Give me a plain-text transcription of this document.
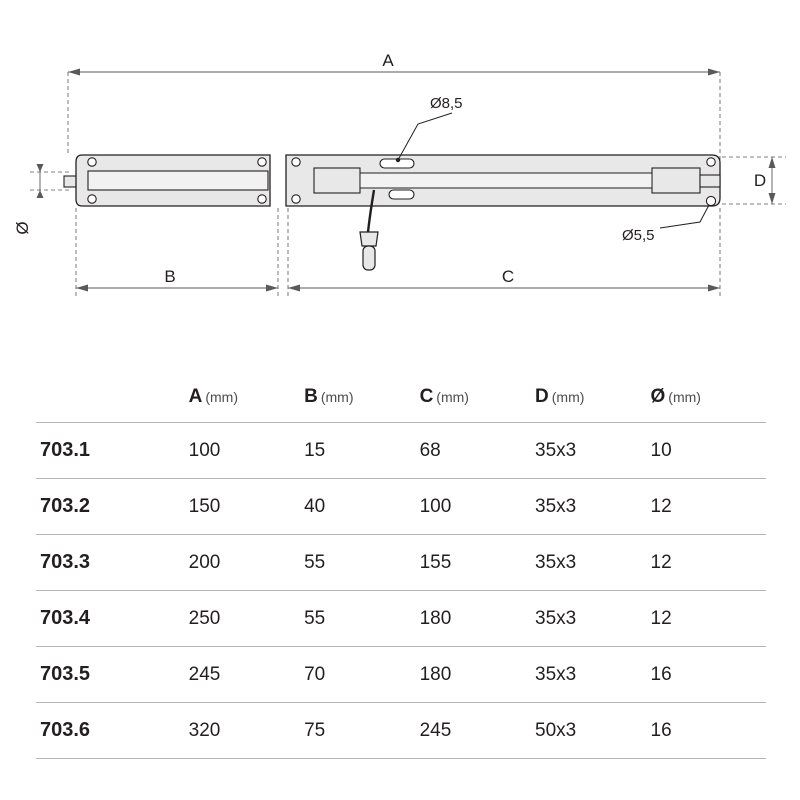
A
Ø8,5
Ø5,5
D
Ø
B	C
	A (mm)	B (mm)	C (mm)	D (mm)	Ø (mm)
703.1	100	15	68	35x3	10
703.2	150	40	100	35x3	12
703.3	200	55	155	35x3	12
703.4	250	55	180	35x3	12
703.5	245	70	180	35x3	16
703.6	320	75	245	50x3	16
